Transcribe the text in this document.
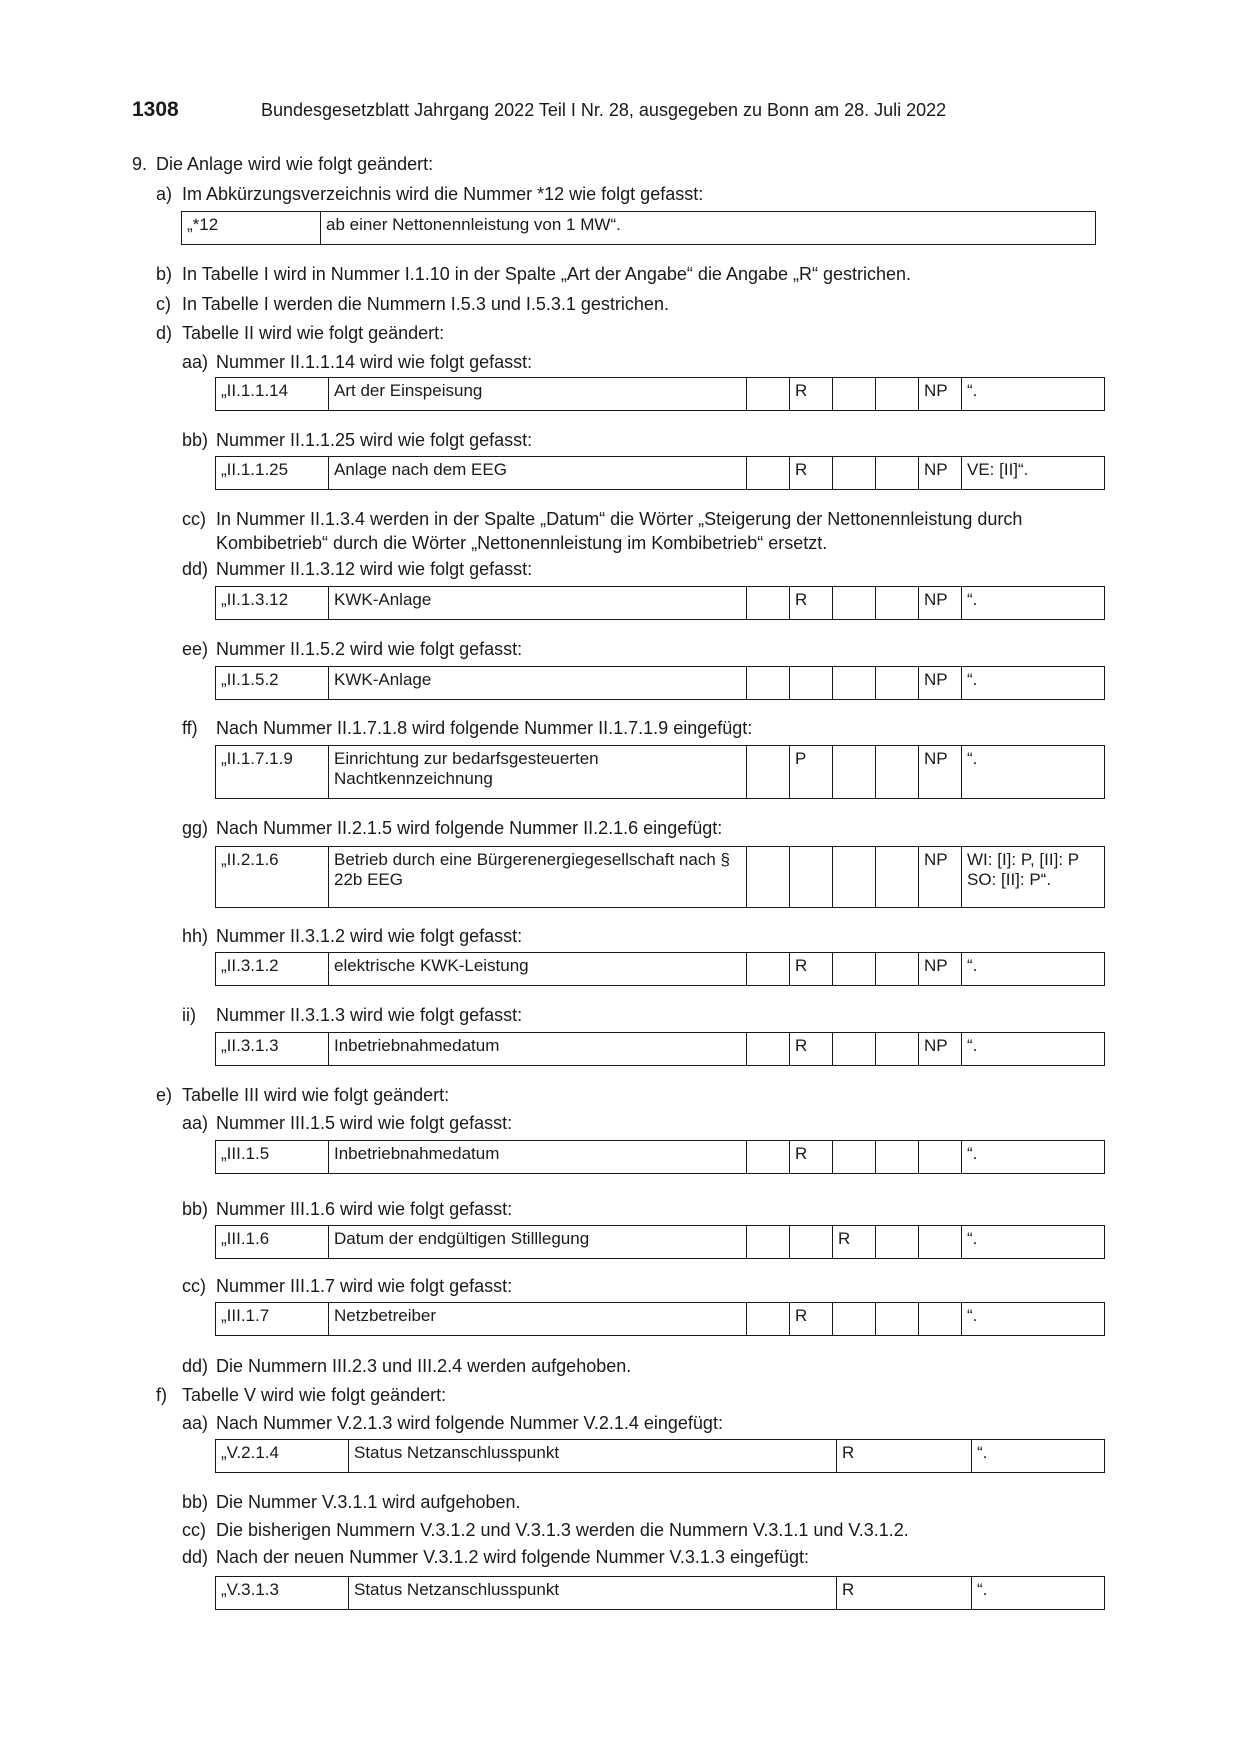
1308	Bundesgesetzblatt Jahrgang 2022 Teil I Nr. 28, ausgegeben zu Bonn am 28. Juli 2022
9. Die Anlage wird wie folgt geändert:
a) Im Abkürzungsverzeichnis wird die Nummer *12 wie folgt gefasst:
b) In Tabelle I wird in Nummer I.1.10 in der Spalte „Art der Angabe“ die Angabe „R“ gestrichen.
c) In Tabelle I werden die Nummern I.5.3 und I.5.3.1 gestrichen.
d) Tabelle II wird wie folgt geändert:
aa) Nummer II.1.1.14 wird wie folgt gefasst:
bb) Nummer II.1.1.25 wird wie folgt gefasst:
cc) In Nummer II.1.3.4 werden in der Spalte „Datum“ die Wörter „Steigerung der Nettonennleistung durch
Kombibetrieb“ durch die Wörter „Nettonennleistung im Kombibetrieb“ ersetzt.
dd) Nummer II.1.3.12 wird wie folgt gefasst:
ee) Nummer II.1.5.2 wird wie folgt gefasst:
ff) Nach Nummer II.1.7.1.8 wird folgende Nummer II.1.7.1.9 eingefügt:
gg) Nach Nummer II.2.1.5 wird folgende Nummer II.2.1.6 eingefügt:
hh) Nummer II.3.1.2 wird wie folgt gefasst:
ii) Nummer II.3.1.3 wird wie folgt gefasst:
e) Tabelle III wird wie folgt geändert:
aa) Nummer III.1.5 wird wie folgt gefasst:
bb) Nummer III.1.6 wird wie folgt gefasst:
cc) Nummer III.1.7 wird wie folgt gefasst:
dd) Die Nummern III.2.3 und III.2.4 werden aufgehoben.
f) Tabelle V wird wie folgt geändert:
aa) Nach Nummer V.2.1.3 wird folgende Nummer V.2.1.4 eingefügt:
bb) Die Nummer V.3.1.1 wird aufgehoben.
cc) Die bisherigen Nummern V.3.1.2 und V.3.1.3 werden die Nummern V.3.1.1 und V.3.1.2.
dd) Nach der neuen Nummer V.3.1.2 wird folgende Nummer V.3.1.3 eingefügt:
„*12	ab einer Nettonennleistung von 1 MW“.
„II.1.1.14	Art der Einspeisung		R			NP	“.
„II.1.1.25	Anlage nach dem EEG		R			NP	VE: [II]“.
„II.1.3.12	KWK-Anlage		R			NP	“.
„II.1.5.2	KWK-Anlage					NP	“.
„II.1.7.1.9	Einrichtung zur bedarfsgesteuerten Nachtkennzeichnung		P			NP	“.
„II.2.1.6	Betrieb durch eine Bürgerenergiegesellschaft nach § 22b EEG					NP	WI: [I]: P, [II]: P SO: [II]: P“.
„II.3.1.2	elektrische KWK-Leistung		R			NP	“.
„II.3.1.3	Inbetriebnahmedatum		R			NP	“.
„III.1.5	Inbetriebnahmedatum		R				“.
„III.1.6	Datum der endgültigen Stilllegung			R			“.
„III.1.7	Netzbetreiber		R				“.
„V.2.1.4	Status Netzanschlusspunkt	R	“.
„V.3.1.3	Status Netzanschlusspunkt	R	“.
